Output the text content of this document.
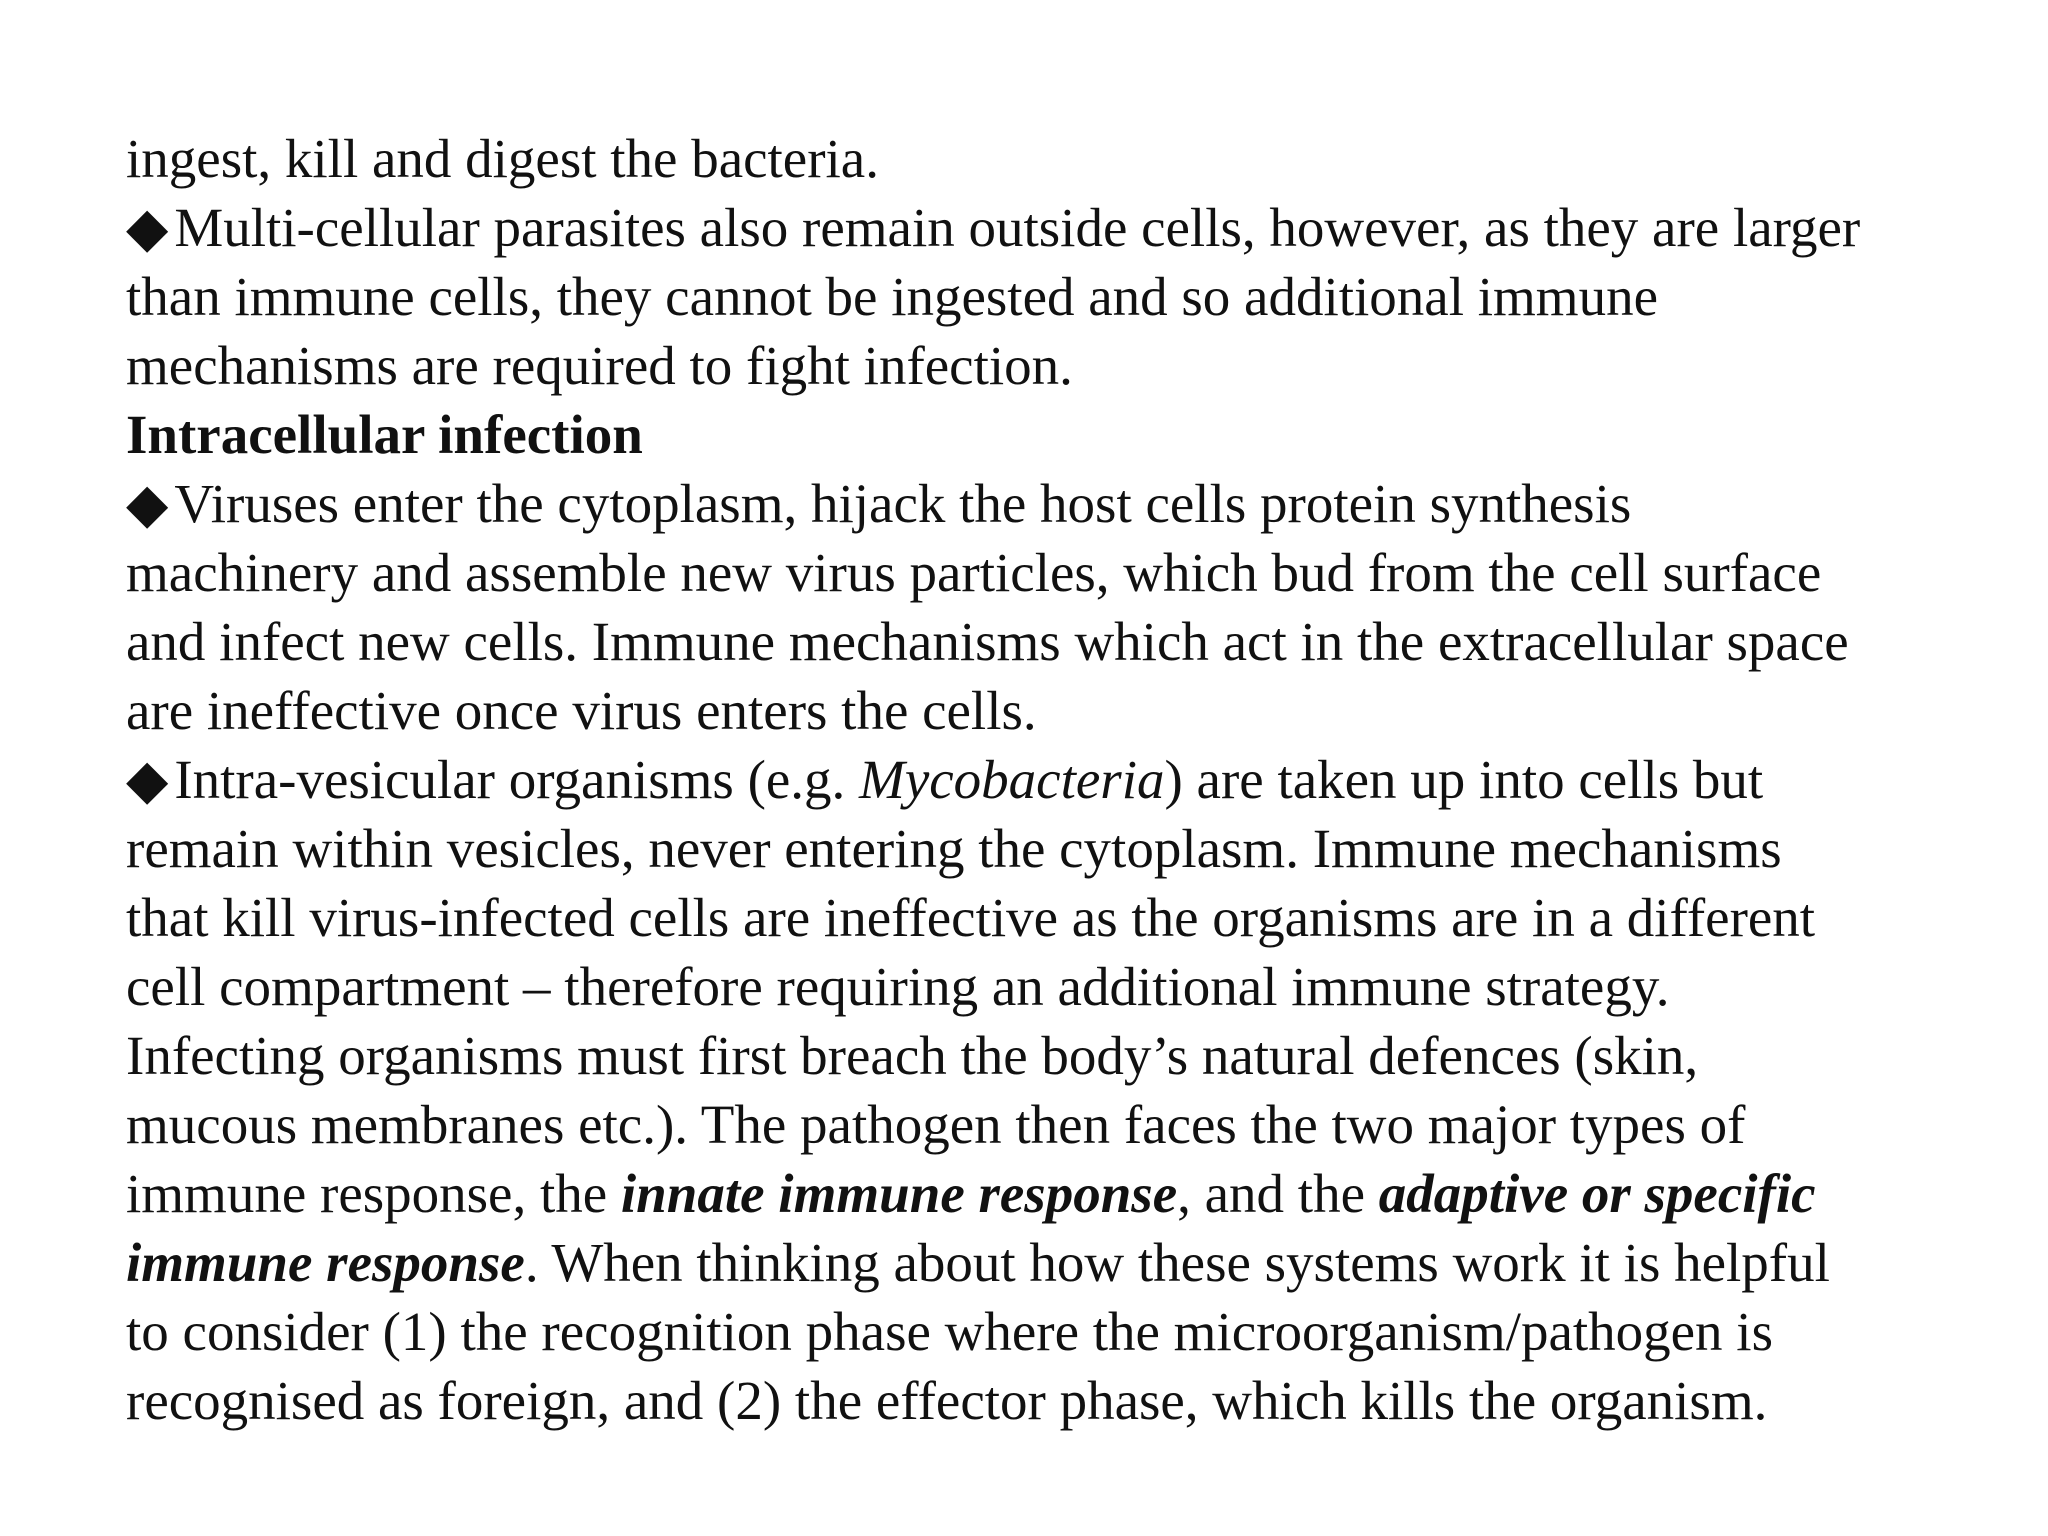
ingest, kill and digest the bacteria.
◆ Multi-cellular parasites also remain outside cells, however, as they are larger
than immune cells, they cannot be ingested and so additional immune
mechanisms are required to fight infection.
Intracellular infection
◆ Viruses enter the cytoplasm, hijack the host cells protein synthesis
machinery and assemble new virus particles, which bud from the cell surface
and infect new cells. Immune mechanisms which act in the extracellular space
are ineffective once virus enters the cells.
◆ Intra-vesicular organisms (e.g. Mycobacteria) are taken up into cells but
remain within vesicles, never entering the cytoplasm. Immune mechanisms
that kill virus-infected cells are ineffective as the organisms are in a different
cell compartment – therefore requiring an additional immune strategy.
Infecting organisms must first breach the body’s natural defences (skin,
mucous membranes etc.). The pathogen then faces the two major types of
immune response, the innate immune response, and the adaptive or specific
immune response. When thinking about how these systems work it is helpful
to consider (1) the recognition phase where the microorganism/pathogen is
recognised as foreign, and (2) the effector phase, which kills the organism.
